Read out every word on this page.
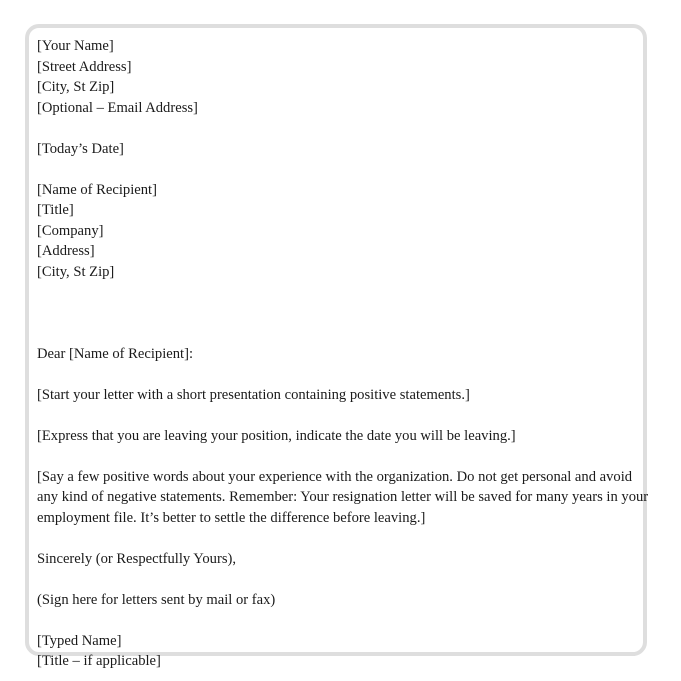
[Your Name]
[Street Address]
[City, St Zip]
[Optional – Email Address]
[Today’s Date]
[Name of Recipient]
[Title]
[Company]
[Address]
[City, St Zip]
Dear [Name of Recipient]:
[Start your letter with a short presentation containing positive statements.]
[Express that you are leaving your position, indicate the date you will be leaving.]
[Say a few positive words about your experience with the organization. Do not get personal and avoid
any kind of negative statements. Remember: Your resignation letter will be saved for many years in your
employment file. It’s better to settle the difference before leaving.]
Sincerely (or Respectfully Yours),
(Sign here for letters sent by mail or fax)
[Typed Name]
[Title – if applicable]
